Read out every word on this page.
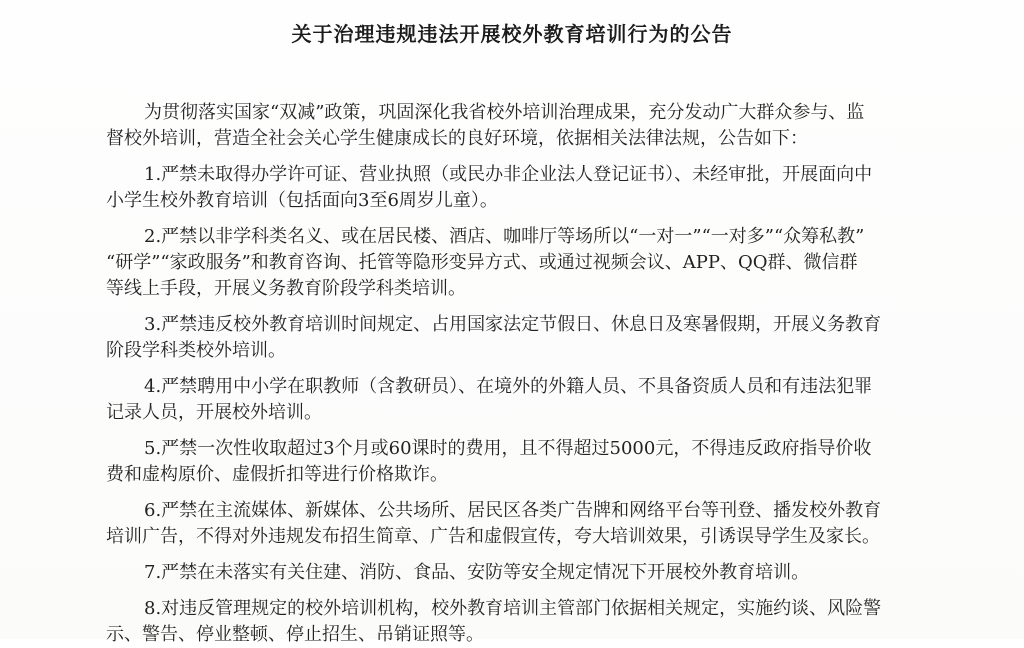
关于治理违规违法开展校外教育培训行为的公告
为贯彻落实国家“双减”政策，巩固深化我省校外培训治理成果，充分发动广大群众参与、监
督校外培训，营造全社会关心学生健康成长的良好环境，依据相关法律法规，公告如下：
1.严禁未取得办学许可证、营业执照（或民办非企业法人登记证书）、未经审批，开展面向中
小学生校外教育培训（包括面向3至6周岁儿童）。
2.严禁以非学科类名义、或在居民楼、酒店、咖啡厅等场所以“一对一”“一对多”“众筹私教”
“研学”“家政服务”和教育咨询、托管等隐形变异方式、或通过视频会议、APP、QQ群、微信群
等线上手段，开展义务教育阶段学科类培训。
3.严禁违反校外教育培训时间规定、占用国家法定节假日、休息日及寒暑假期，开展义务教育
阶段学科类校外培训。
4.严禁聘用中小学在职教师（含教研员）、在境外的外籍人员、不具备资质人员和有违法犯罪
记录人员，开展校外培训。
5.严禁一次性收取超过3个月或60课时的费用，且不得超过5000元，不得违反政府指导价收
费和虚构原价、虚假折扣等进行价格欺诈。
6.严禁在主流媒体、新媒体、公共场所、居民区各类广告牌和网络平台等刊登、播发校外教育
培训广告，不得对外违规发布招生简章、广告和虚假宣传，夸大培训效果，引诱误导学生及家长。
7.严禁在未落实有关住建、消防、食品、安防等安全规定情况下开展校外教育培训。
8.对违反管理规定的校外培训机构，校外教育培训主管部门依据相关规定，实施约谈、风险警
示、警告、停业整顿、停止招生、吊销证照等。
